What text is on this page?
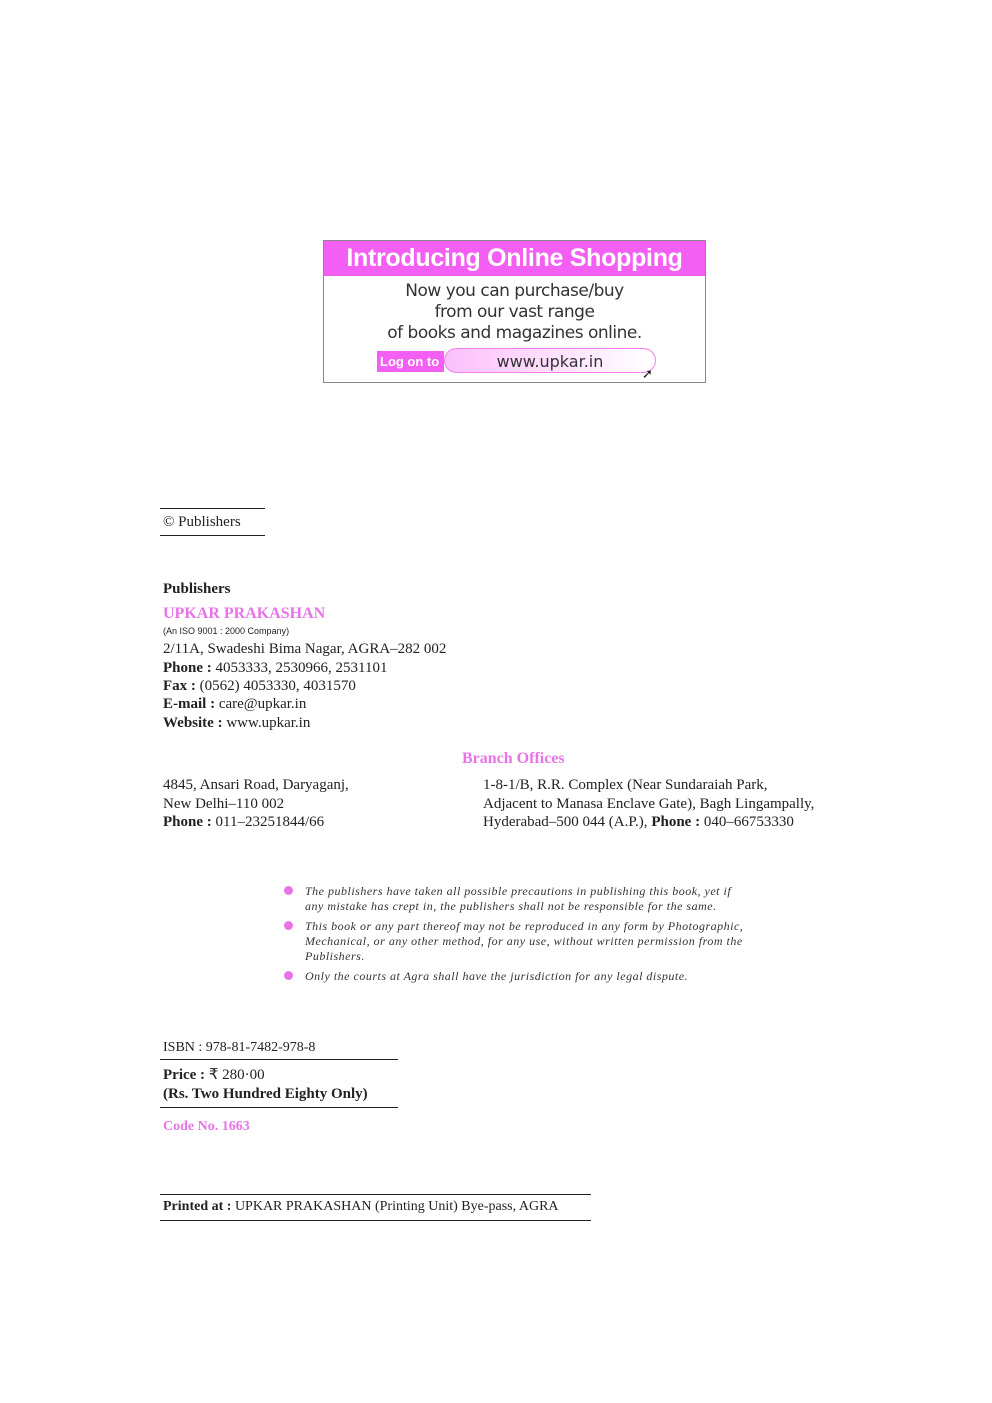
Introducing Online Shopping
Now you can purchase/buy
from our vast range
of books and magazines online.
Log on to	www.upkar.in
➚
© Publishers
Publishers
UPKAR PRAKASHAN
(An ISO 9001 : 2000 Company)
2/11A, Swadeshi Bima Nagar, AGRA–282 002
Phone : 4053333, 2530966, 2531101
Fax : (0562) 4053330, 4031570
E-mail : care@upkar.in
Website : www.upkar.in
Branch Offices
4845, Ansari Road, Daryaganj,
New Delhi–110 002
Phone : 011–23251844/66
1-8-1/B, R.R. Complex (Near Sundaraiah Park,
Adjacent to Manasa Enclave Gate), Bagh Lingampally,
Hyderabad–500 044 (A.P.), Phone : 040–66753330
The publishers have taken all possible precautions in publishing this book, yet if
any mistake has crept in, the publishers shall not be responsible for the same.
This book or any part thereof may not be reproduced in any form by Photographic,
Mechanical, or any other method, for any use, without written permission from the
Publishers.
Only the courts at Agra shall have the jurisdiction for any legal dispute.
ISBN : 978-81-7482-978-8
Price : ₹ 280·00
(Rs. Two Hundred Eighty Only)
Code No. 1663
Printed at : UPKAR PRAKASHAN (Printing Unit) Bye-pass, AGRA
